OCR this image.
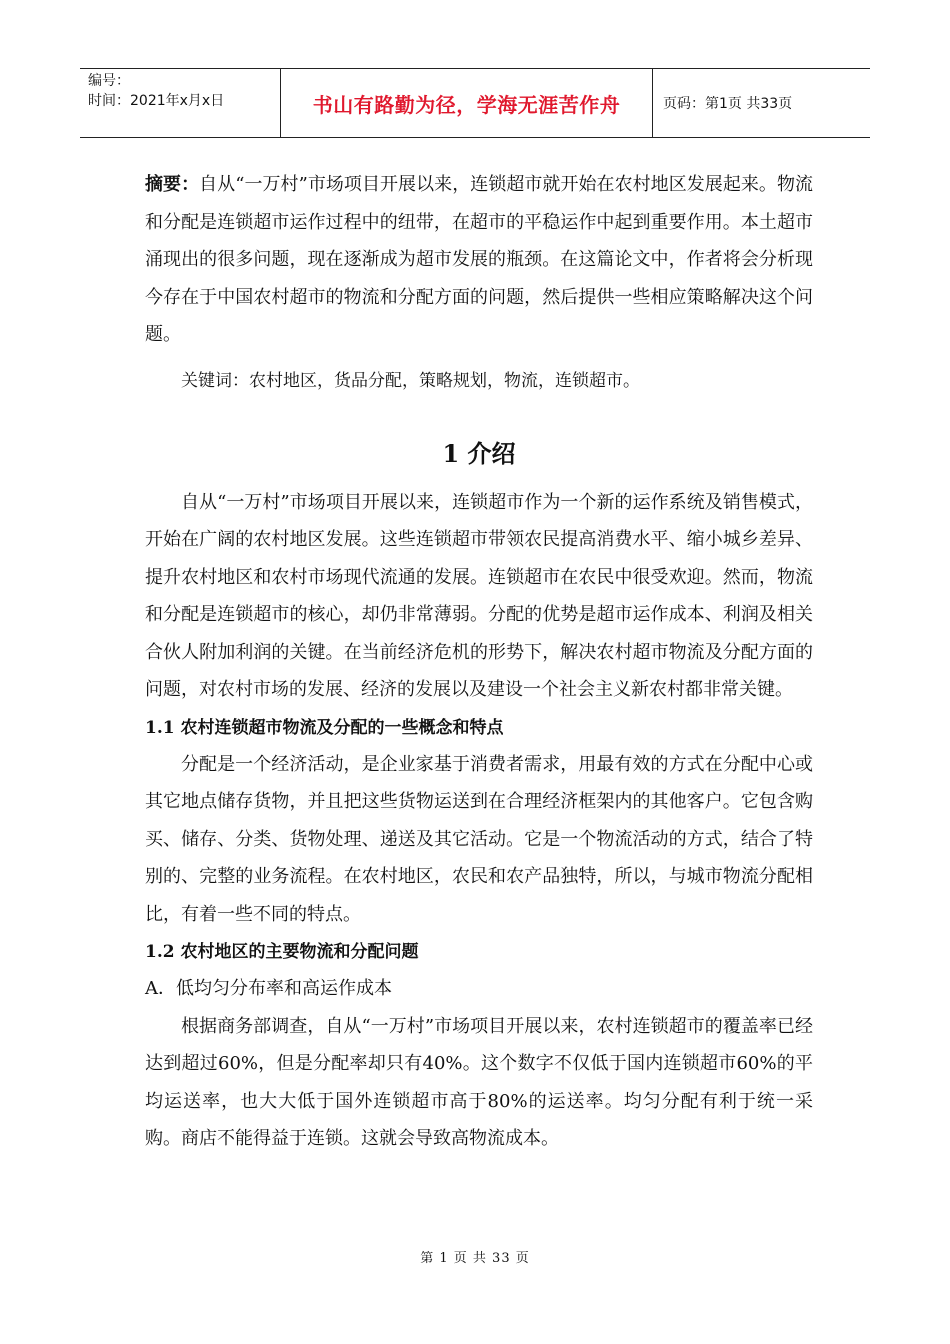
编号：
时间：2021年x月x日	书山有路勤为径，学海无涯苦作舟	页码：第1页 共33页

摘要：自从“一万村”市场项目开展以来，连锁超市就开始在农村地区发展起来。物流和分配是连锁超市运作过程中的纽带，在超市的平稳运作中起到重要作用。本土超市涌现出的很多问题，现在逐渐成为超市发展的瓶颈。在这篇论文中，作者将会分析现今存在于中国农村超市的物流和分配方面的问题，然后提供一些相应策略解决这个问题。

关键词：农村地区，货品分配，策略规划，物流，连锁超市。

1 介绍

自从“一万村”市场项目开展以来，连锁超市作为一个新的运作系统及销售模式，开始在广阔的农村地区发展。这些连锁超市带领农民提高消费水平、缩小城乡差异、提升农村地区和农村市场现代流通的发展。连锁超市在农民中很受欢迎。然而，物流和分配是连锁超市的核心，却仍非常薄弱。分配的优势是超市运作成本、利润及相关合伙人附加利润的关键。在当前经济危机的形势下，解决农村超市物流及分配方面的问题，对农村市场的发展、经济的发展以及建设一个社会主义新农村都非常关键。

1.1 农村连锁超市物流及分配的一些概念和特点

分配是一个经济活动，是企业家基于消费者需求，用最有效的方式在分配中心或其它地点储存货物，并且把这些货物运送到在合理经济框架内的其他客户。它包含购买、储存、分类、货物处理、递送及其它活动。它是一个物流活动的方式，结合了特别的、完整的业务流程。在农村地区，农民和农产品独特，所以，与城市物流分配相比，有着一些不同的特点。

1.2 农村地区的主要物流和分配问题

A．低均匀分布率和高运作成本

根据商务部调查，自从“一万村”市场项目开展以来，农村连锁超市的覆盖率已经达到超过60%，但是分配率却只有40%。这个数字不仅低于国内连锁超市60%的平均运送率，也大大低于国外连锁超市高于80%的运送率。均匀分配有利于统一采购。商店不能得益于连锁。这就会导致高物流成本。

第 1 页 共 33 页
